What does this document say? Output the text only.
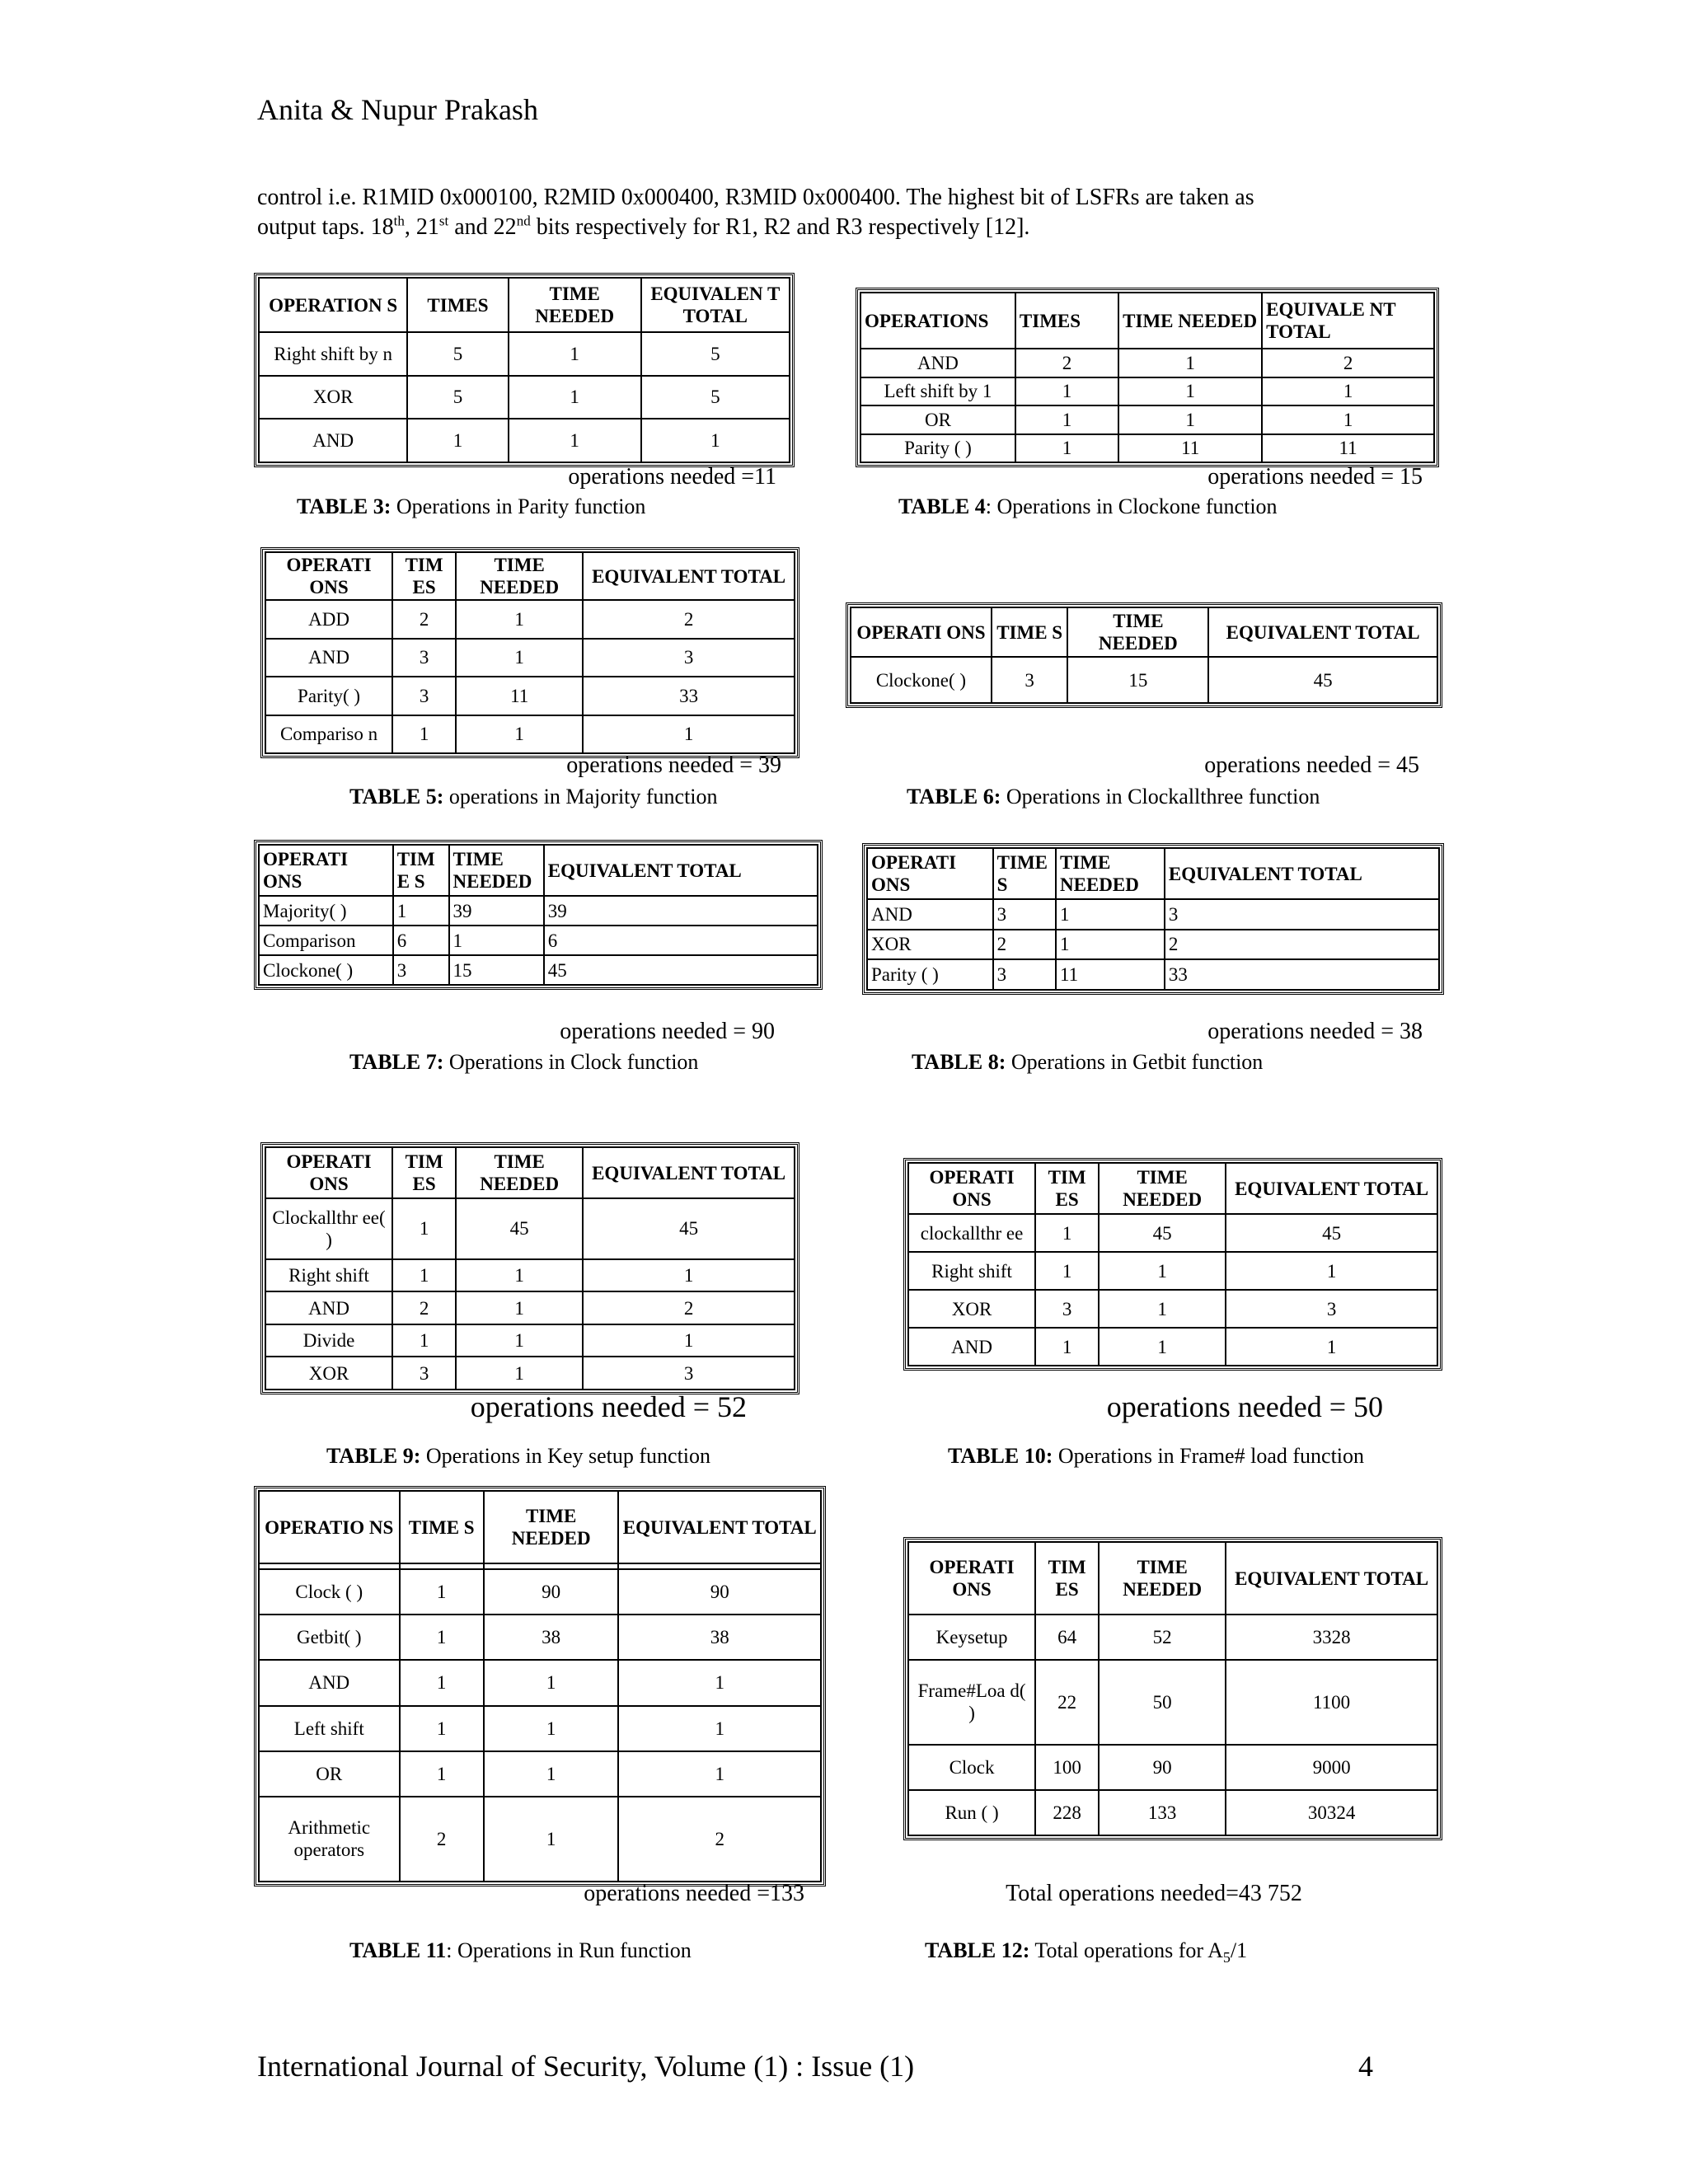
Anita & Nupur Prakash
control i.e. R1MID 0x000100, R2MID 0x000400, R3MID 0x000400. The highest bit of LSFRs are taken as
output taps. 18th, 21st and 22nd bits respectively for R1, R2 and R3 respectively [12].
OPERATION S	TIMES	TIME NEEDED	EQUIVALEN T TOTAL
Right shift by n	5	1	5
XOR	5	1	5
AND	1	1	1
operations needed =11
TABLE 3: Operations in Parity function
OPERATIONS	TIMES	TIME NEEDED	EQUIVALE NT TOTAL
AND	2	1	2
Left shift by 1	1	1	1
OR	1	1	1
Parity ( )	1	11	11
operations needed = 15
TABLE 4: Operations in Clockone function
OPERATI ONS	TIM ES	TIME NEEDED	EQUIVALENT TOTAL
ADD	2	1	2
AND	3	1	3
Parity( )	3	11	33
Compariso n	1	1	1
operations needed = 39
TABLE 5: operations in Majority function
OPERATI ONS	TIME S	TIME NEEDED	EQUIVALENT TOTAL
Clockone( )	3	15	45
operations needed = 45
TABLE 6: Operations in Clockallthree function
OPERATI ONS	TIME S	TIME NEEDED	EQUIVALENT TOTAL
Majority( )	1	39	39
Comparison	6	1	6
Clockone( )	3	15	45
operations needed = 90
TABLE 7: Operations in Clock function
OPERATI ONS	TIME S	TIME NEEDED	EQUIVALENT TOTAL
AND	3	1	3
XOR	2	1	2
Parity ( )	3	11	33
operations needed = 38
TABLE 8: Operations in Getbit function
OPERATI ONS	TIM ES	TIME NEEDED	EQUIVALENT TOTAL
Clockallthr ee( )	1	45	45
Right shift	1	1	1
AND	2	1	2
Divide	1	1	1
XOR	3	1	3
operations needed = 52
TABLE 9: Operations in Key setup function
OPERATI ONS	TIM ES	TIME NEEDED	EQUIVALENT TOTAL
clockallthr ee	1	45	45
Right shift	1	1	1
XOR	3	1	3
AND	1	1	1
operations needed = 50
TABLE 10: Operations in Frame# load function
OPERATIO NS	TIME S	TIME NEEDED	EQUIVALENT TOTAL

Clock ( )	1	90	90
Getbit( )	1	38	38
AND	1	1	1
Left shift	1	1	1
OR	1	1	1
Arithmetic operators	2	1	2
operations needed =133
TABLE 11: Operations in Run function
OPERATI ONS	TIM ES	TIME NEEDED	EQUIVALENT TOTAL
Keysetup	64	52	3328
Frame#Loa d( )	22	50	1100
Clock	100	90	9000
Run ( )	228	133	30324
Total operations needed=43 752
TABLE 12: Total operations for $A_5/1$
International Journal of Security, Volume (1) : Issue (1)	4
